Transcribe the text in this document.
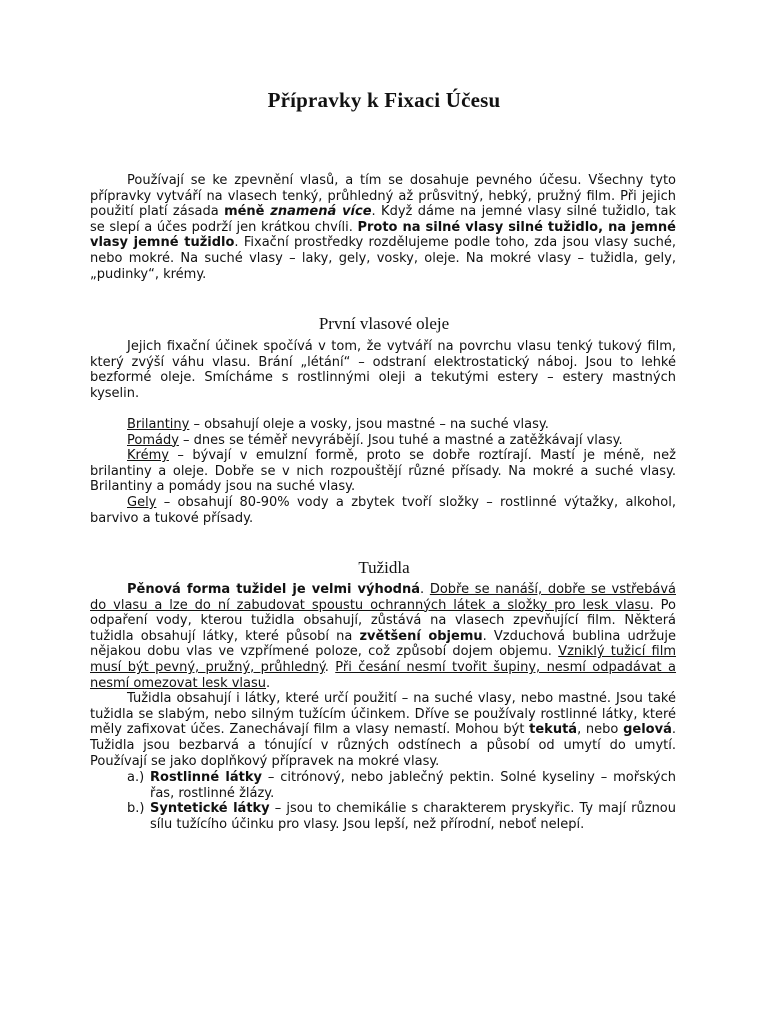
Přípravky k Fixaci Účesu

Používají se ke zpevnění vlasů, a tím se dosahuje pevného účesu. Všechny tyto přípravky vytváří na vlasech tenký, průhledný až průsvitný, hebký, pružný film. Při jejich použití platí zásada méně znamená více. Když dáme na jemné vlasy silné tužidlo, tak se slepí a účes podrží jen krátkou chvíli. Proto na silné vlasy silné tužidlo, na jemné vlasy jemné tužidlo. Fixační prostředky rozdělujeme podle toho, zda jsou vlasy suché, nebo mokré. Na suché vlasy – laky, gely, vosky, oleje. Na mokré vlasy – tužidla, gely, „pudinky“, krémy.

První vlasové oleje

Jejich fixační účinek spočívá v tom, že vytváří na povrchu vlasu tenký tukový film, který zvýší váhu vlasu. Brání „létání“ – odstraní elektrostatický náboj. Jsou to lehké bezformé oleje. Smícháme s rostlinnými oleji a tekutými estery – estery mastných kyselin.

Brilantiny – obsahují oleje a vosky, jsou mastné – na suché vlasy.

Pomády – dnes se téměř nevyrábějí. Jsou tuhé a mastné a zatěžkávají vlasy.

Krémy – bývají v emulzní formě, proto se dobře roztírají. Mastí je méně, než brilantiny a oleje. Dobře se v nich rozpouštějí různé přísady. Na mokré a suché vlasy. Brilantiny a pomády jsou na suché vlasy.

Gely – obsahují 80-90% vody a zbytek tvoří složky – rostlinné výtažky, alkohol, barvivo a tukové přísady.

Tužidla

Pěnová forma tužidel je velmi výhodná. Dobře se nanáší, dobře se vstřebává do vlasu a lze do ní zabudovat spoustu ochranných látek a složky pro lesk vlasu. Po odpaření vody, kterou tužidla obsahují, zůstává na vlasech zpevňující film. Některá tužidla obsahují látky, které působí na zvětšení objemu. Vzduchová bublina udržuje nějakou dobu vlas ve vzpřímené poloze, což způsobí dojem objemu. Vzniklý tužicí film musí být pevný, pružný, průhledný. Při česání nesmí tvořit šupiny, nesmí odpadávat a nesmí omezovat lesk vlasu.

Tužidla obsahují i látky, které určí použití – na suché vlasy, nebo mastné. Jsou také tužidla se slabým, nebo silným tužícím účinkem. Dříve se používaly rostlinné látky, které měly zafixovat účes. Zanechávají film a vlasy nemastí. Mohou být tekutá, nebo gelová. Tužidla jsou bezbarvá a tónující v různých odstínech a působí od umytí do umytí. Používají se jako doplňkový přípravek na mokré vlasy.

a.) Rostlinné látky – citrónový, nebo jablečný pektin. Solné kyseliny – mořských řas, rostlinné žlázy.
b.) Syntetické látky – jsou to chemikálie s charakterem pryskyřic. Ty mají různou sílu tužícího účinku pro vlasy. Jsou lepší, než přírodní, neboť nelepí.
